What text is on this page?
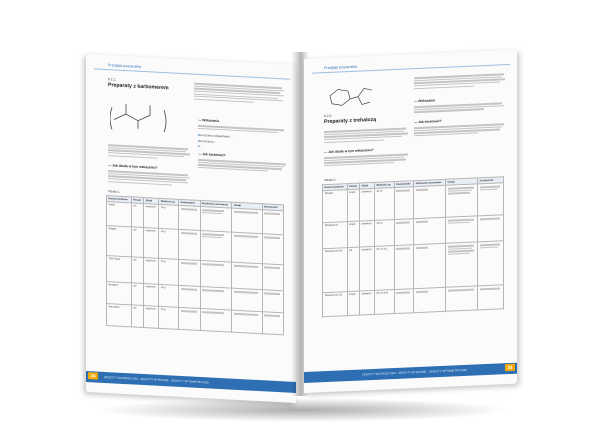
Przegląd preparatów
6.2.1.
Preparaty z karbomerem
— Wskazania
■ w leczeniu objawowym...
■ w leczeniu...
■ ...
— Jak stosować?
— Jak działa w tym wskazaniu?
Tabela 1.
Nazwa handlowa	Postać	Skład	Wielkość op.	Dawkowanie	Możliwość stosowania	Uwagi	Dostępność
Vidisic	żel	karbomer	10 g	

Oftagel	żel	karbomer	10 g	

Thilo-Tears	żel	karbomer	10 g	

Siccapos	żel	karbomer	10 g	

Viscotears	żel	karbomer	10 g	

24	ZESZYTY SUCHEGO OKA · ZESZYTY APTECZNE · ZESZYTY OPTOMETRII 2020
Przegląd preparatów
6.2.2.
Preparaty z trehalozą
— Jak działa w tym wskazaniu?
— Wskazania
— Jak stosować?
Tabela 2.
Nazwa handlowa	Postać	Skład	Wielkość op.	Dawkowanie	Możliwość stosowania	Uwagi	Dostępność
Thealoz	krople	trehaloza	10 ml	

Thealoz Duo	krople	trehaloza	10 ml	

Thealoz Duo Gel	żel	trehaloza	30 x 0,4 g	

Thealoz Duo UD	krople	trehaloza	30 x 0,4 ml	

ZESZYTY SUCHEGO OKA · ZESZYTY APTECZNE · ZESZYTY OPTOMETRII 2020
25
